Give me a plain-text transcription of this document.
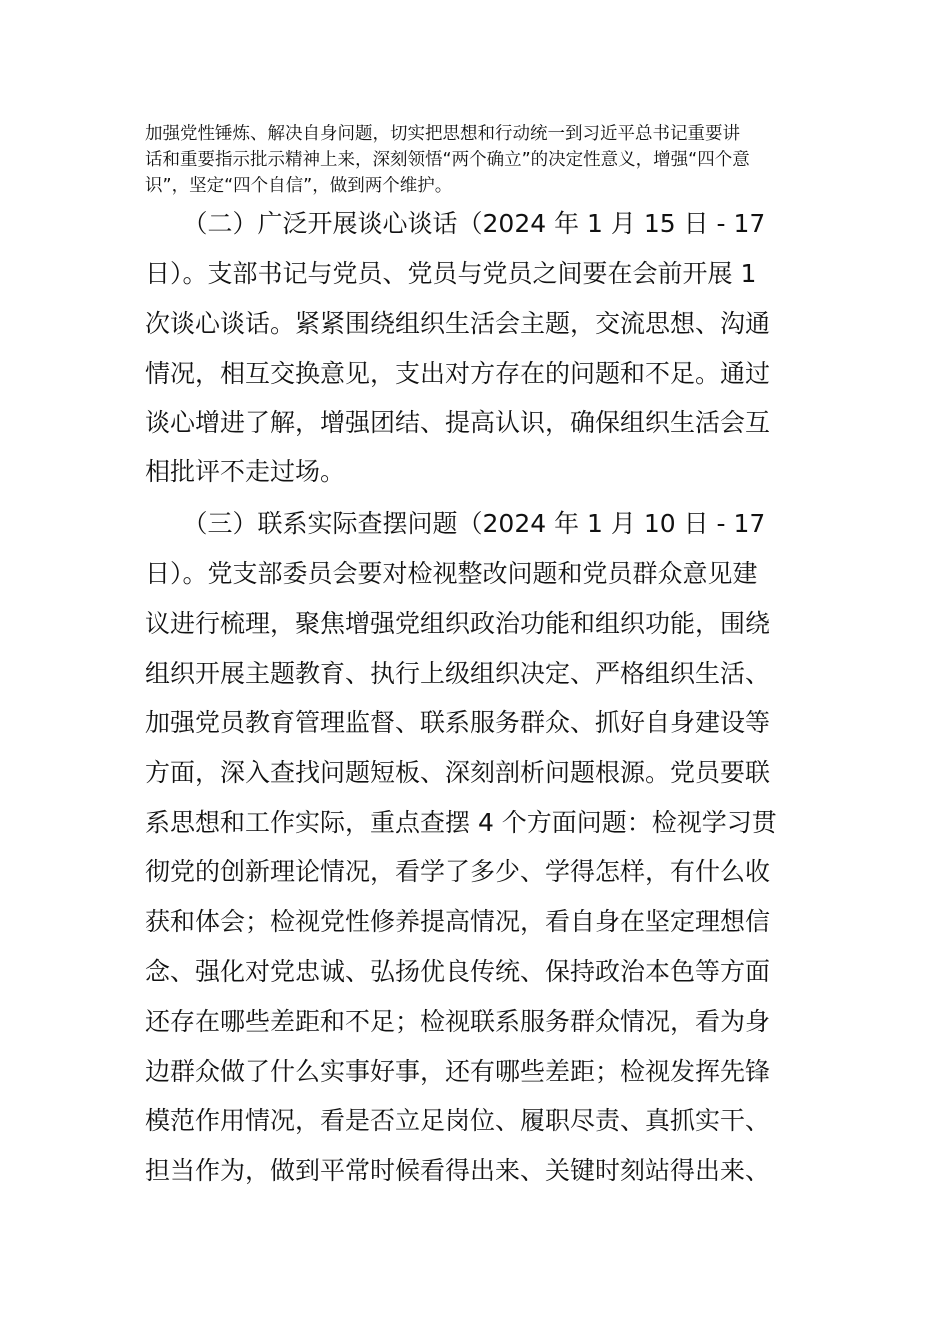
加强党性锤炼、解决自身问题，切实把思想和行动统一到习近平总书记重要讲

话和重要指示批示精神上来，深刻领悟“两个确立”的决定性意义，增强“四个意

识”，坚定“四个自信”，做到两个维护。

　（二）广泛开展谈心谈话（2024 年 1 月 15 日 - 17

日）。支部书记与党员、党员与党员之间要在会前开展 1

次谈心谈话。紧紧围绕组织生活会主题，交流思想、沟通

情况，相互交换意见，支出对方存在的问题和不足。通过

谈心增进了解，增强团结、提高认识，确保组织生活会互

相批评不走过场。

　（三）联系实际查摆问题（2024 年 1 月 10 日 - 17

日）。党支部委员会要对检视整改问题和党员群众意见建

议进行梳理，聚焦增强党组织政治功能和组织功能，围绕

组织开展主题教育、执行上级组织决定、严格组织生活、

加强党员教育管理监督、联系服务群众、抓好自身建设等

方面，深入查找问题短板、深刻剖析问题根源。党员要联

系思想和工作实际，重点查摆 4 个方面问题：检视学习贯

彻党的创新理论情况，看学了多少、学得怎样，有什么收

获和体会；检视党性修养提高情况，看自身在坚定理想信

念、强化对党忠诚、弘扬优良传统、保持政治本色等方面

还存在哪些差距和不足；检视联系服务群众情况，看为身

边群众做了什么实事好事，还有哪些差距；检视发挥先锋

模范作用情况，看是否立足岗位、履职尽责、真抓实干、

担当作为，做到平常时候看得出来、关键时刻站得出来、
